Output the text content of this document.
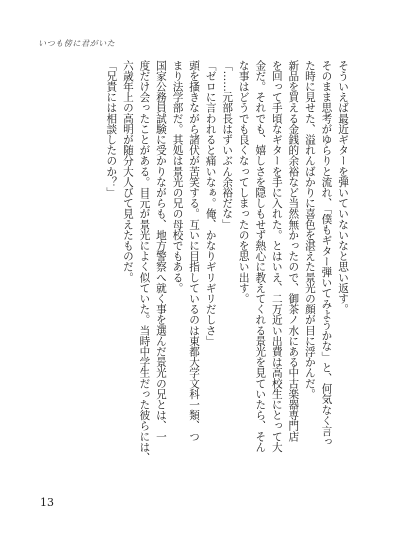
いつも傍に君がいた

そういえば最近ギターを弾いていないなと思い返す。

そのまま思考がゆらりと流れ、「僕もギター弾いてみようかな」と、何気なく言っ

た時に見せた、溢れんばかりに喜色を湛えた景光の顔が目に浮かんだ。

新品を買える金銭的余裕など当然無かったので、御茶ノ水にある中古楽器専門店

を回って手頃なギターを手に入れた。とはいえ、二万近い出費は高校生にとって大

金だ。それでも、嬉しさを隠しもせず熱心に教えてくれる景光を見ていたら、そん

な事はどうでも良くなってしまったのを思い出す。

「……元部長はずいぶん余裕だな」

「ゼロに言われると痛いなぁ。俺、かなりギリギリだしさ」

頭を搔きながら諸伏が苦笑する。互いに目指しているのは東都大学文科一類、つ

まり法学部だ。其処は景光の兄の母校でもある。

国家公務員試験に受かりながらも、地方警察へ就く事を選んだ景光の兄とは、一

度だけ会ったことがある。目元が景光によく似ていた。当時中学生だった彼らには、

六歳年上の高明が随分大人びて見えたものだ。

「兄貴には相談したのか？」

13
